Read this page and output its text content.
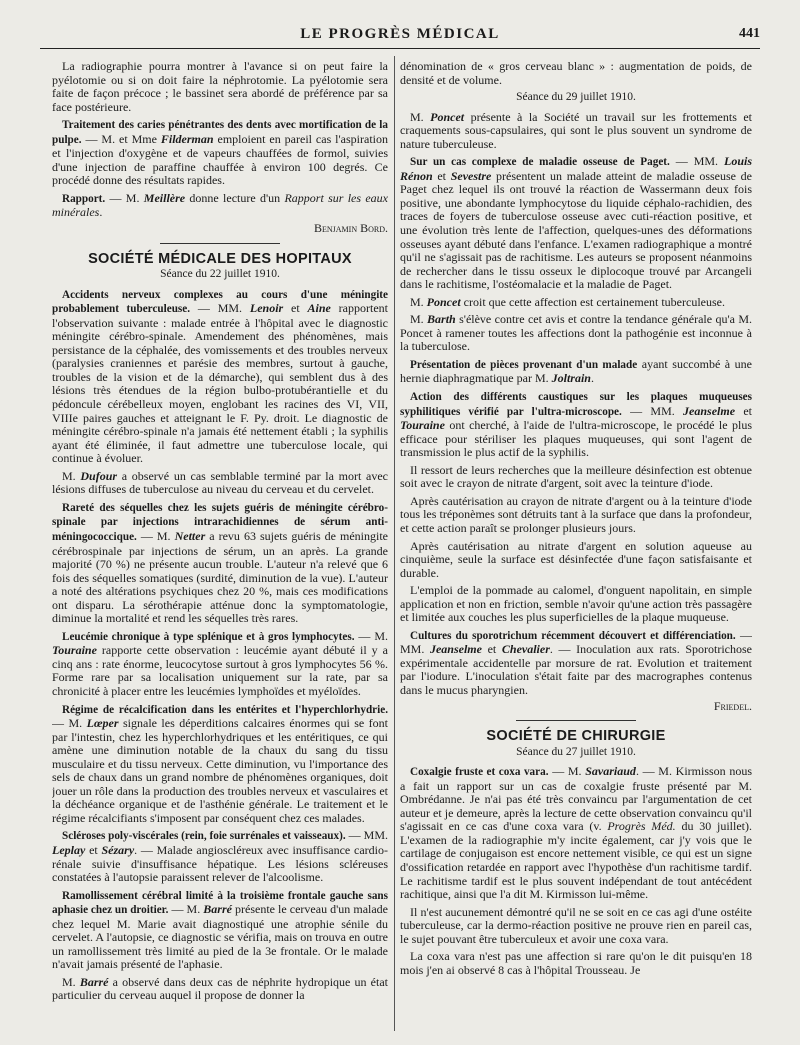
LE PROGRÈS MÉDICAL	441

La radiographie pourra montrer à l'avance si on peut faire la pyélotomie ou si on doit faire la néphrotomie. La pyélotomie sera faite de façon précoce ; le bassinet sera abordé de préférence par sa face postérieure.

Traitement des caries pénétrantes des dents avec mortification de la pulpe. — M. et Mme Filderman emploient en pareil cas l'aspiration et l'injection d'oxygène et de vapeurs chauffées de formol, suivies d'une injection de paraffine chauffée à environ 100 degrés. Ce procédé donne des résultats rapides.

Rapport. — M. Meillère donne lecture d'un Rapport sur les eaux minérales.

Benjamin Bord.

SOCIÉTÉ MÉDICALE DES HOPITAUX

Séance du 22 juillet 1910.

Accidents nerveux complexes au cours d'une méningite probablement tuberculeuse. — MM. Lenoir et Aine rapportent l'observation suivante : malade entrée à l'hôpital avec le diagnostic méningite cérébro-spinale. Amendement des phénomènes, mais persistance de la céphalée, des vomissements et des troubles nerveux (paralysies craniennes et parésie des membres, surtout à gauche, troubles de la vision et de la démarche), qui semblent dus à des lésions très étendues de la région bulbo-protubérantielle et du pédoncule cérébelleux moyen, englobant les racines des VI, VII, VIIIe paires gauches et atteignant le F. Py. droit. Le diagnostic de méningite cérébro-spinale n'a jamais été nettement établi ; la syphilis ayant été éliminée, il faut admettre une tuberculose locale, qui continue à évoluer.

M. Dufour a observé un cas semblable terminé par la mort avec lésions diffuses de tuberculose au niveau du cerveau et du cervelet.

Rareté des séquelles chez les sujets guéris de méningite cérébro-spinale par injections intrarachidiennes de sérum anti-méningococcique. — M. Netter a revu 63 sujets guéris de méningite cérébrospinale par injections de sérum, un an après. La grande majorité (70 %) ne présente aucun trouble. L'auteur n'a relevé que 6 fois des séquelles somatiques (surdité, diminution de la vue). L'auteur a noté des altérations psychiques chez 20 %, mais ces modifications ont disparu. La sérothérapie atténue donc la symptomatologie, diminue la mortalité et rend les séquelles très rares.

Leucémie chronique à type splénique et à gros lymphocytes. — M. Touraine rapporte cette observation : leucémie ayant débuté il y a cinq ans : rate énorme, leucocytose surtout à gros lymphocytes 56 %. Forme rare par sa localisation uniquement sur la rate, par sa chronicité à placer entre les leucémies lymphoïdes et myéloïdes.

Régime de récalcification dans les entérites et l'hyperchlorhydrie. — M. Lœper signale les déperditions calcaires énormes qui se font par l'intestin, chez les hyperchlorhydriques et les entéritiques, ce qui amène une diminution notable de la chaux du sang du tissu musculaire et du tissu nerveux. Cette diminution, vu l'importance des sels de chaux dans un grand nombre de phénomènes organiques, doit jouer un rôle dans la production des troubles nerveux et vasculaires et la déchéance organique et de l'asthénie générale. Le traitement et le régime récalcifiants s'imposent par conséquent chez ces malades.

Scléroses poly-viscérales (rein, foie surrénales et vaisseaux). — MM. Leplay et Sézary. — Malade angioscléreux avec insuffisance cardio-rénale suivie d'insuffisance hépatique. Les lésions scléreuses constatées à l'autopsie paraissent relever de l'alcoolisme.

Ramollissement cérébral limité à la troisième frontale gauche sans aphasie chez un droitier. — M. Barré présente le cerveau d'un malade chez lequel M. Marie avait diagnostiqué une atrophie sénile du cervelet. A l'autopsie, ce diagnostic se vérifia, mais on trouva en outre un ramollissement très limité au pied de la 3e frontale. Or le malade n'avait jamais présenté de l'aphasie.

M. Barré a observé dans deux cas de néphrite hydropique un état particulier du cerveau auquel il propose de donner la

dénomination de « gros cerveau blanc » : augmentation de poids, de densité et de volume.

Séance du 29 juillet 1910.

M. Poncet présente à la Société un travail sur les frottements et craquements sous-capsulaires, qui sont le plus souvent un syndrome de nature tuberculeuse.

Sur un cas complexe de maladie osseuse de Paget. — MM. Louis Rénon et Sevestre présentent un malade atteint de maladie osseuse de Paget chez lequel ils ont trouvé la réaction de Wassermann deux fois positive, une abondante lymphocytose du liquide céphalo-rachidien, des traces de foyers de tuberculose osseuse avec cuti-réaction positive, et une évolution très lente de l'affection, quelques-unes des déformations osseuses ayant débuté dans l'enfance. L'examen radiographique a montré qu'il ne s'agissait pas de rachitisme. Les auteurs se proposent néanmoins de rechercher dans le tissu osseux le diplocoque trouvé par Arcangeli dans le rachitisme, l'ostéomalacie et la maladie de Paget.

M. Poncet croit que cette affection est certainement tuberculeuse.

M. Barth s'élève contre cet avis et contre la tendance générale qu'a M. Poncet à ramener toutes les affections dont la pathogénie est inconnue à la tuberculose.

Présentation de pièces provenant d'un malade ayant succombé à une hernie diaphragmatique par M. Joltrain.

Action des différents caustiques sur les plaques muqueuses syphilitiques vérifié par l'ultra-microscope. — MM. Jeanselme et Touraine ont cherché, à l'aide de l'ultra-microscope, le procédé le plus efficace pour stériliser les plaques muqueuses, qui sont l'agent de transmission le plus actif de la syphilis.

Il ressort de leurs recherches que la meilleure désinfection est obtenue soit avec le crayon de nitrate d'argent, soit avec la teinture d'iode.

Après cautérisation au crayon de nitrate d'argent ou à la teinture d'iode tous les tréponèmes sont détruits tant à la surface que dans la profondeur, et cette action paraît se prolonger plusieurs jours.

Après cautérisation au nitrate d'argent en solution aqueuse au cinquième, seule la surface est désinfectée d'une façon satisfaisante et durable.

L'emploi de la pommade au calomel, d'onguent napolitain, en simple application et non en friction, semble n'avoir qu'une action très passagère et limitée aux couches les plus superficielles de la plaque muqueuse.

Cultures du sporotrichum récemment découvert et différenciation. — MM. Jeanselme et Chevalier. — Inoculation aux rats. Sporotrichose expérimentale accidentelle par morsure de rat. Evolution et traitement par l'iodure. L'inoculation s'était faite par des macrographes contenus dans le mucus pharyngien.

Friedel.

SOCIÉTÉ DE CHIRURGIE

Séance du 27 juillet 1910.

Coxalgie fruste et coxa vara. — M. Savariaud. — M. Kirmisson nous a fait un rapport sur un cas de coxalgie fruste présenté par M. Ombrédanne. Je n'ai pas été très convaincu par l'argumentation de cet auteur et je demeure, après la lecture de cette observation convaincu qu'il s'agissait en ce cas d'une coxa vara (v. Progrès Méd. du 30 juillet). L'examen de la radiographie m'y incite également, car j'y vois que le cartilage de conjugaison est encore nettement visible, ce qui est un signe d'ossification retardée en rapport avec l'hypothèse d'un rachitisme tardif. Le rachitisme tardif est le plus souvent indépendant de tout antécédent rachitique, ainsi que l'a dit M. Kirmisson lui-même.

Il n'est aucunement démontré qu'il ne se soit en ce cas agi d'une ostéite tuberculeuse, car la dermo-réaction positive ne prouve rien en pareil cas, le sujet pouvant être tuberculeux et avoir une coxa vara.

La coxa vara n'est pas une affection si rare qu'on le dit puisqu'en 18 mois j'en ai observé 8 cas à l'hôpital Trousseau. Je
